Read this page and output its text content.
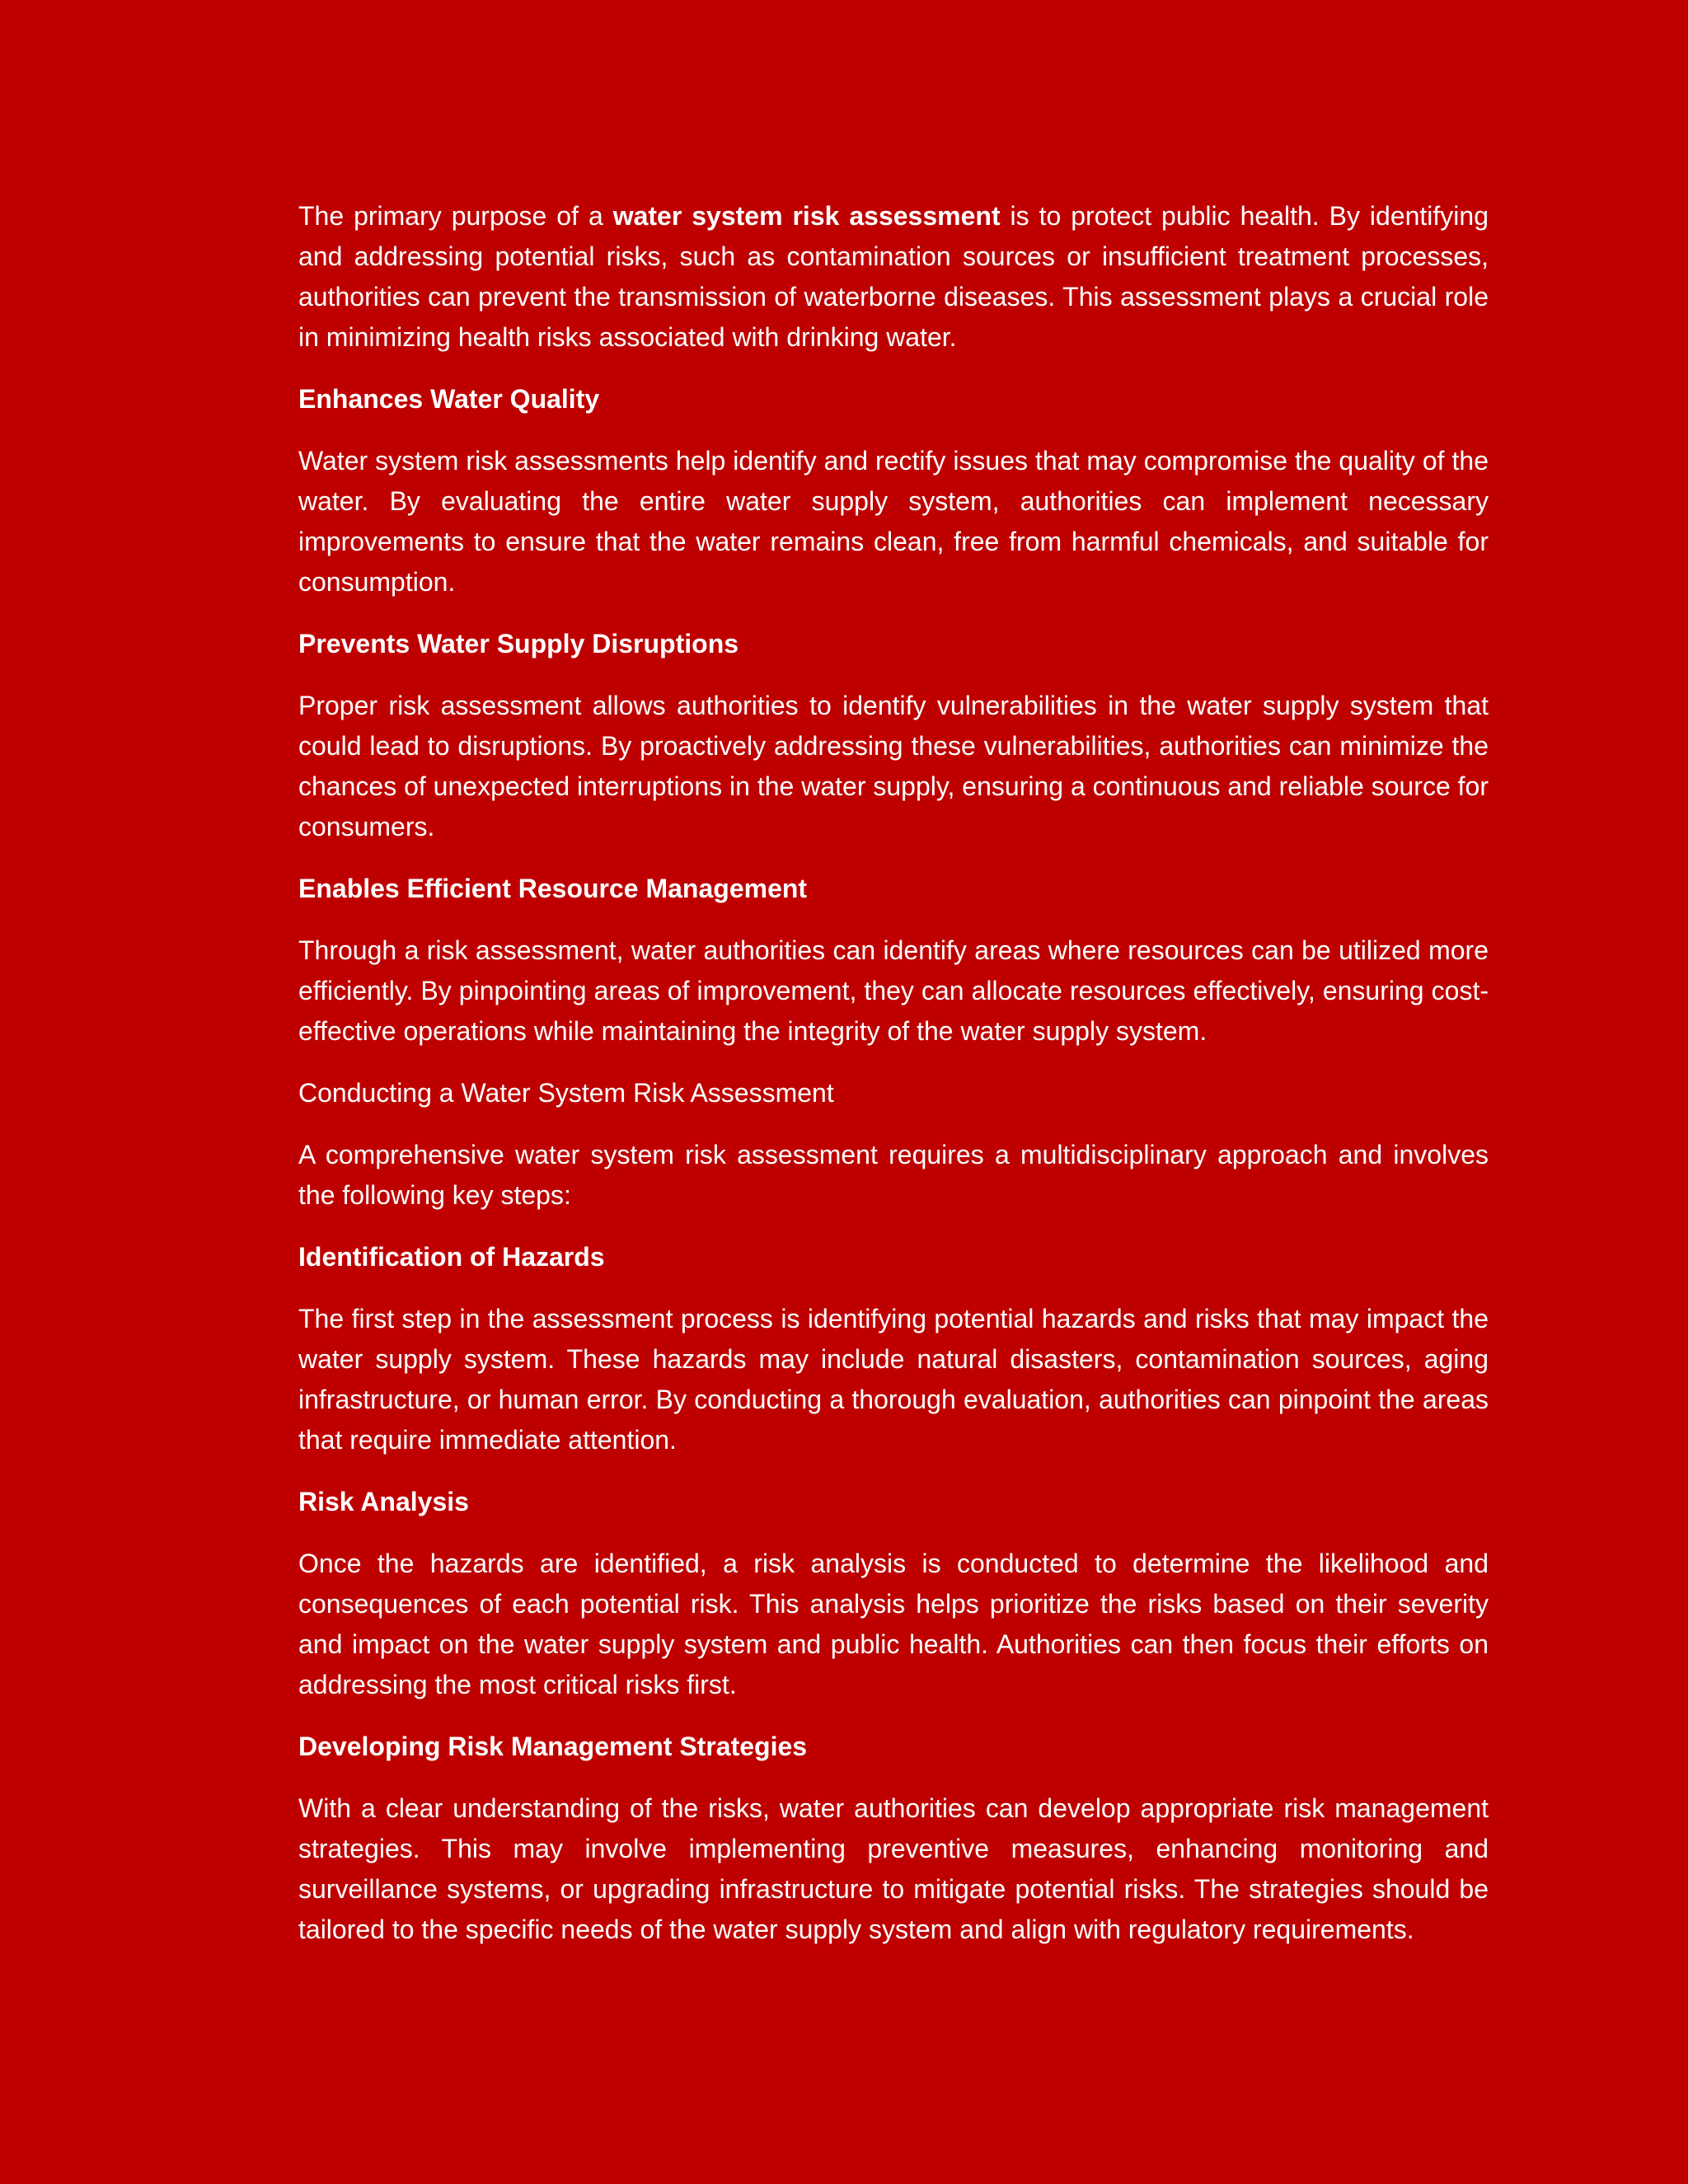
The primary purpose of a water system risk assessment is to protect public health. By identifying and addressing potential risks, such as contamination sources or insufficient treatment processes, authorities can prevent the transmission of waterborne diseases. This assessment plays a crucial role in minimizing health risks associated with drinking water.

Enhances Water Quality

Water system risk assessments help identify and rectify issues that may compromise the quality of the water. By evaluating the entire water supply system, authorities can implement necessary improvements to ensure that the water remains clean, free from harmful chemicals, and suitable for consumption.

Prevents Water Supply Disruptions

Proper risk assessment allows authorities to identify vulnerabilities in the water supply system that could lead to disruptions. By proactively addressing these vulnerabilities, authorities can minimize the chances of unexpected interruptions in the water supply, ensuring a continuous and reliable source for consumers.

Enables Efficient Resource Management

Through a risk assessment, water authorities can identify areas where resources can be utilized more efficiently. By pinpointing areas of improvement, they can allocate resources effectively, ensuring cost-effective operations while maintaining the integrity of the water supply system.

Conducting a Water System Risk Assessment

A comprehensive water system risk assessment requires a multidisciplinary approach and involves the following key steps:

Identification of Hazards

The first step in the assessment process is identifying potential hazards and risks that may impact the water supply system. These hazards may include natural disasters, contamination sources, aging infrastructure, or human error. By conducting a thorough evaluation, authorities can pinpoint the areas that require immediate attention.

Risk Analysis

Once the hazards are identified, a risk analysis is conducted to determine the likelihood and consequences of each potential risk. This analysis helps prioritize the risks based on their severity and impact on the water supply system and public health. Authorities can then focus their efforts on addressing the most critical risks first.

Developing Risk Management Strategies

With a clear understanding of the risks, water authorities can develop appropriate risk management strategies. This may involve implementing preventive measures, enhancing monitoring and surveillance systems, or upgrading infrastructure to mitigate potential risks. The strategies should be tailored to the specific needs of the water supply system and align with regulatory requirements.
